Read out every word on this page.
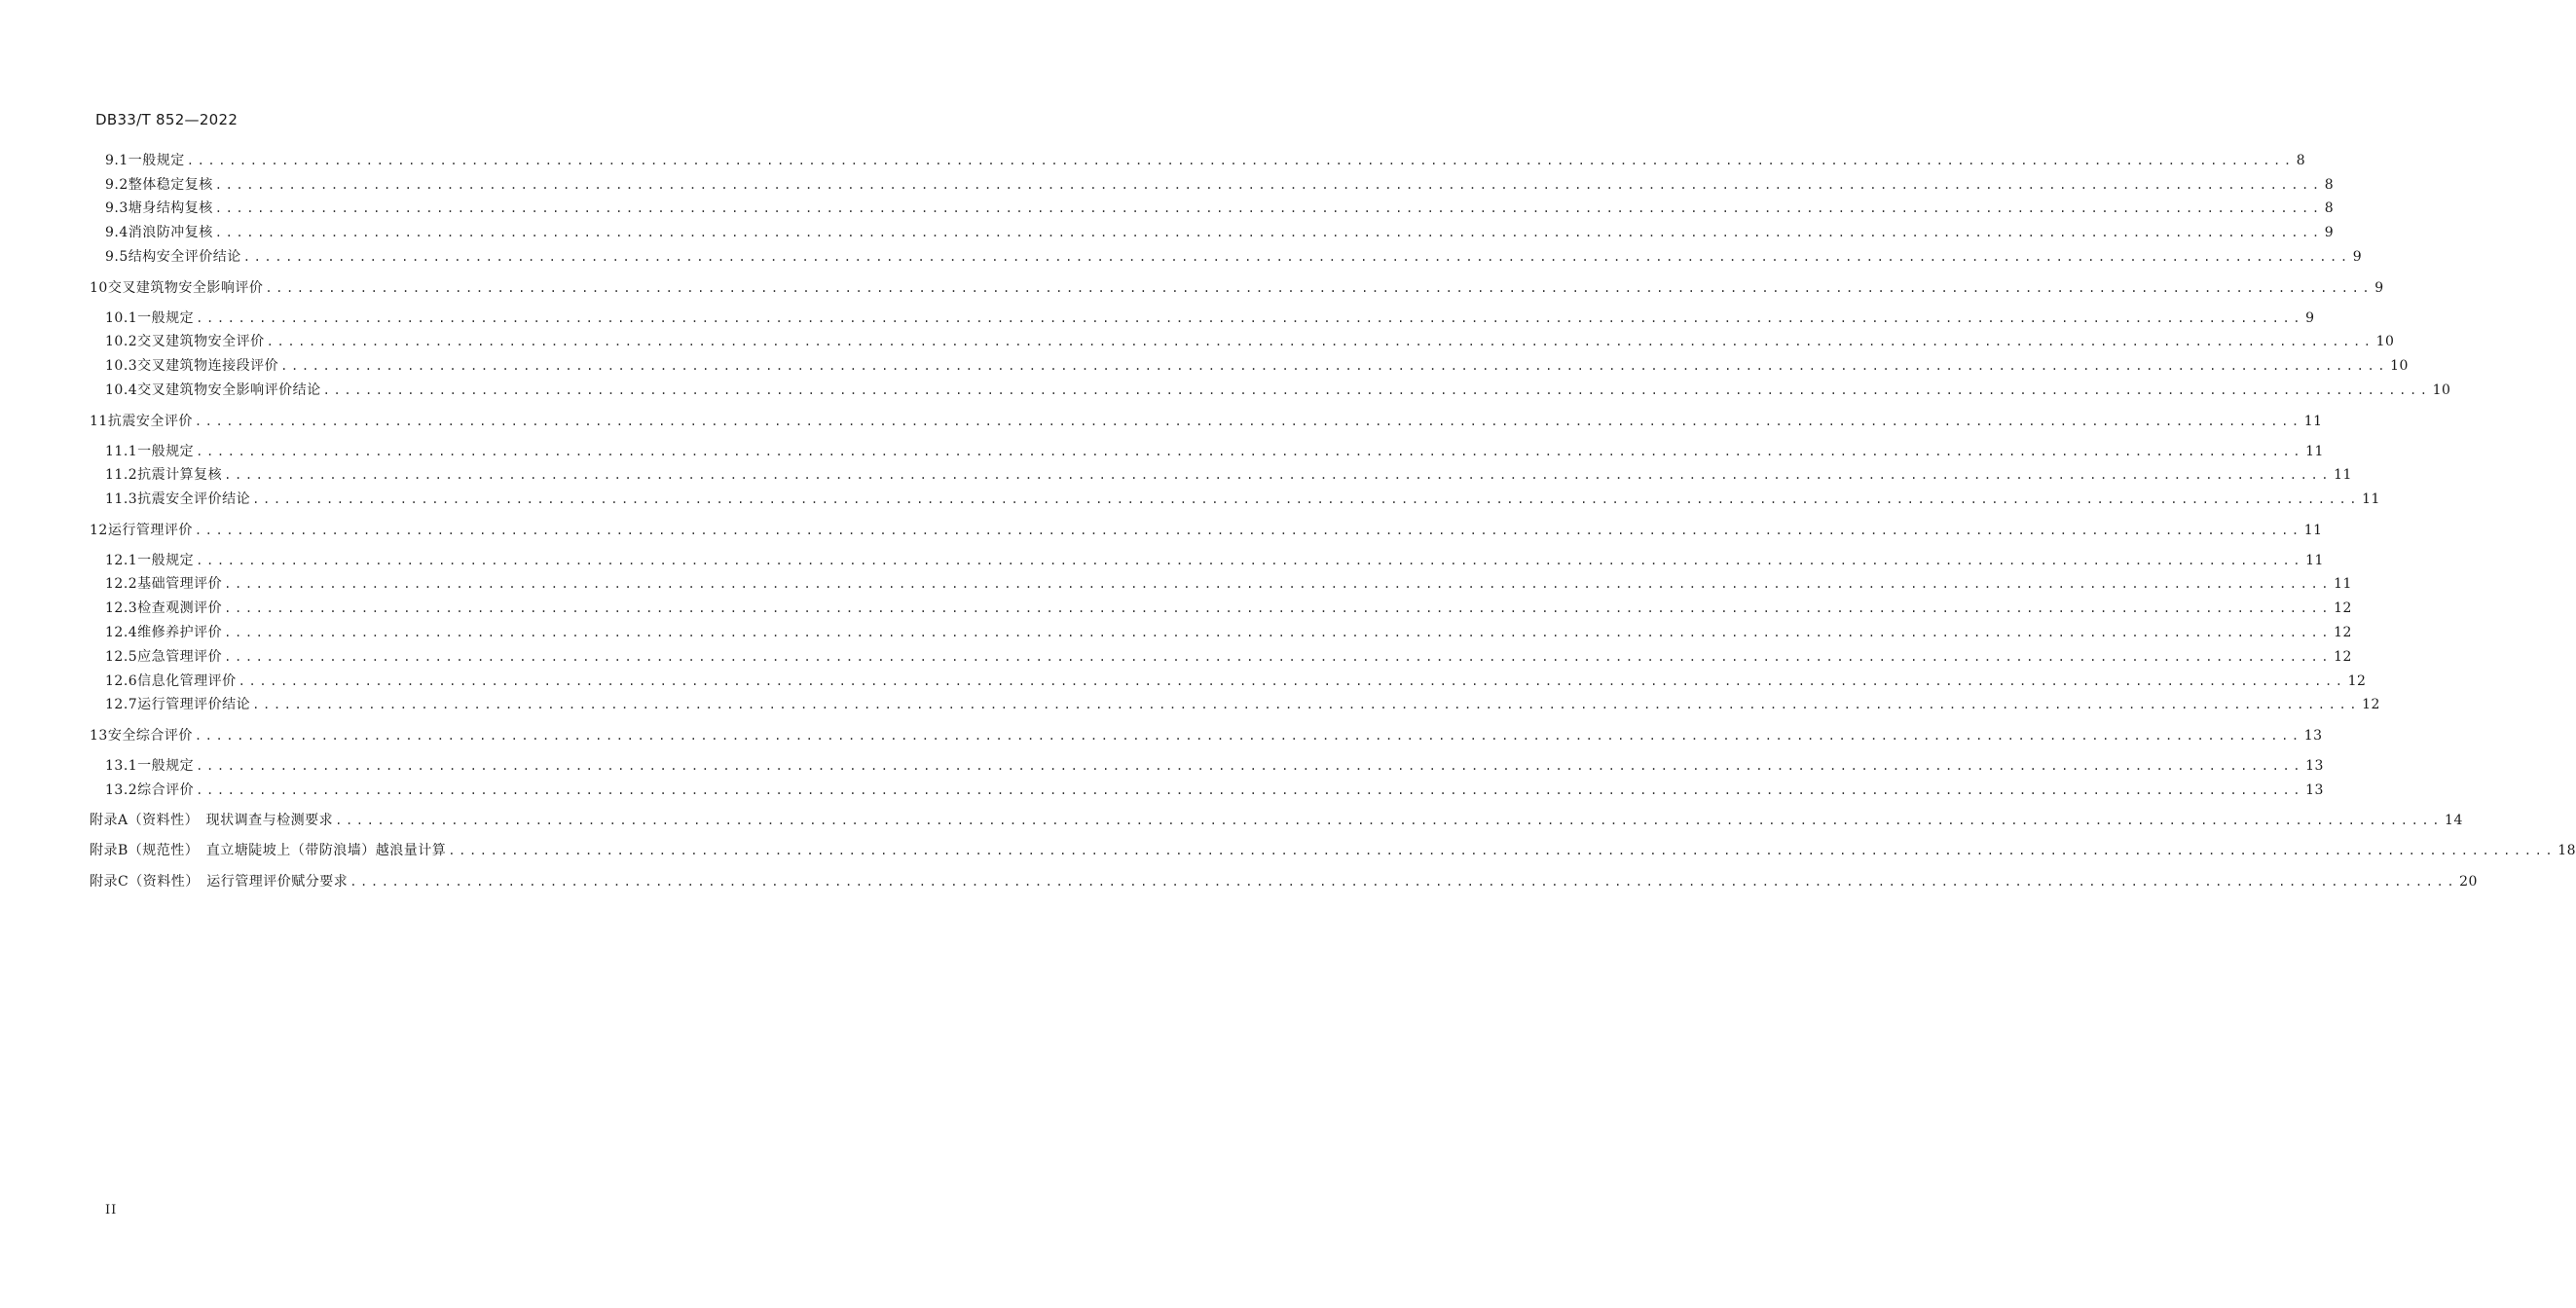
DB33/T 852—2022
9.1 一般规定 ........................................................................................................................................................................................................ 8
9.2 整体稳定复核 ........................................................................................................................................................................................................ 8
9.3 塘身结构复核 ........................................................................................................................................................................................................ 8
9.4 消浪防冲复核 ........................................................................................................................................................................................................ 9
9.5 结构安全评价结论 ........................................................................................................................................................................................................ 9
10 交叉建筑物安全影响评价 ........................................................................................................................................................................................................ 9
10.1 一般规定 ........................................................................................................................................................................................................ 9
10.2 交叉建筑物安全评价 ........................................................................................................................................................................................................ 10
10.3 交叉建筑物连接段评价 ........................................................................................................................................................................................................ 10
10.4 交叉建筑物安全影响评价结论 ........................................................................................................................................................................................................ 10
11 抗震安全评价 ........................................................................................................................................................................................................ 11
11.1 一般规定 ........................................................................................................................................................................................................ 11
11.2 抗震计算复核 ........................................................................................................................................................................................................ 11
11.3 抗震安全评价结论 ........................................................................................................................................................................................................ 11
12 运行管理评价 ........................................................................................................................................................................................................ 11
12.1 一般规定 ........................................................................................................................................................................................................ 11
12.2 基础管理评价 ........................................................................................................................................................................................................ 11
12.3 检查观测评价 ........................................................................................................................................................................................................ 12
12.4 维修养护评价 ........................................................................................................................................................................................................ 12
12.5 应急管理评价 ........................................................................................................................................................................................................ 12
12.6 信息化管理评价 ........................................................................................................................................................................................................ 12
12.7 运行管理评价结论 ........................................................................................................................................................................................................ 12
13 安全综合评价 ........................................................................................................................................................................................................ 13
13.1 一般规定 ........................................................................................................................................................................................................ 13
13.2 综合评价 ........................................................................................................................................................................................................ 13
附录A （资料性）　现状调查与检测要求 ........................................................................................................................................................................................................ 14
附录B （规范性）　直立塘陡坡上（带防浪墙）越浪量计算 ........................................................................................................................................................................................................ 18
附录C （资料性）　运行管理评价赋分要求 ........................................................................................................................................................................................................ 20
II
